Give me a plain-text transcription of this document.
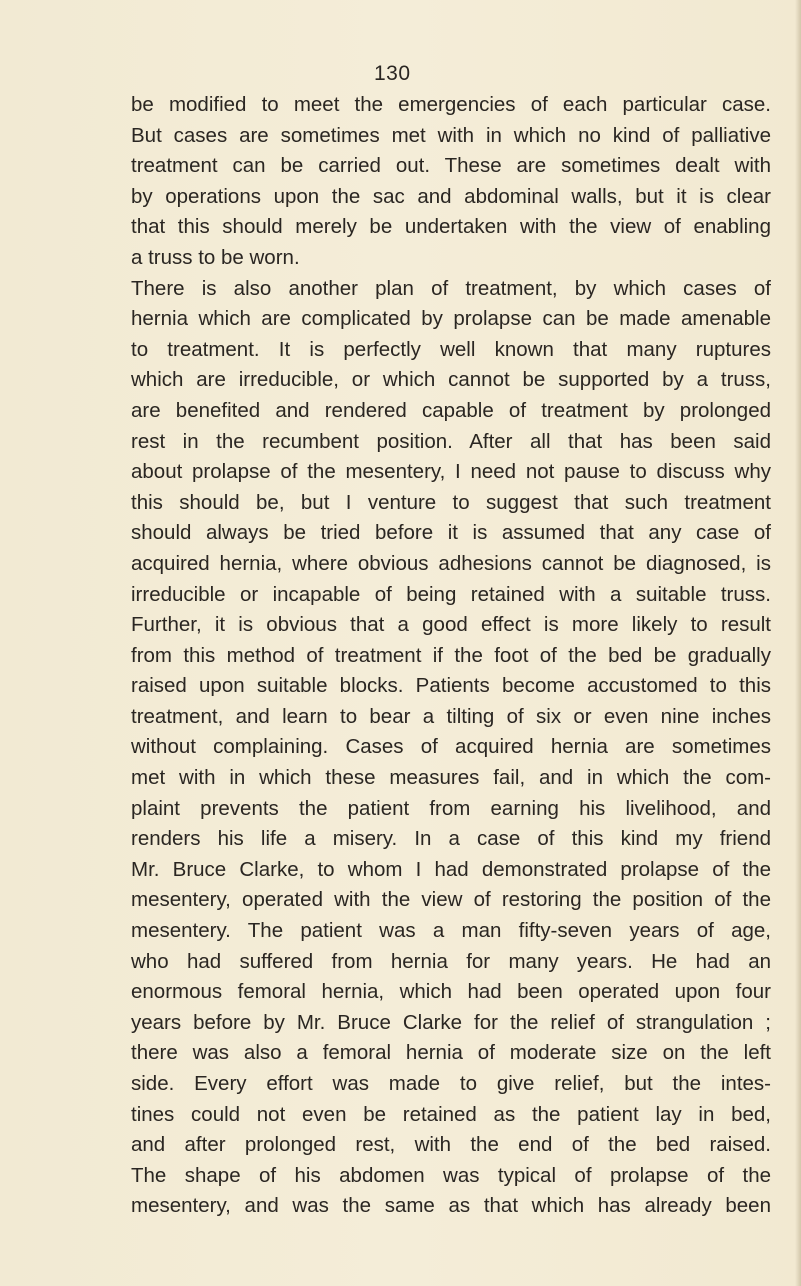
130
be modified to meet the emergencies of each particular case.
But cases are sometimes met with in which no kind of palliative
treatment can be carried out. These are sometimes dealt with
by operations upon the sac and abdominal walls, but it is clear
that this should merely be undertaken with the view of enabling
a truss to be worn.
There is also another plan of treatment, by which cases of
hernia which are complicated by prolapse can be made amenable
to treatment. It is perfectly well known that many ruptures
which are irreducible, or which cannot be supported by a truss,
are benefited and rendered capable of treatment by prolonged
rest in the recumbent position. After all that has been said
about prolapse of the mesentery, I need not pause to discuss why
this should be, but I venture to suggest that such treatment
should always be tried before it is assumed that any case of
acquired hernia, where obvious adhesions cannot be diagnosed, is
irreducible or incapable of being retained with a suitable truss.
Further, it is obvious that a good effect is more likely to result
from this method of treatment if the foot of the bed be gradually
raised upon suitable blocks. Patients become accustomed to this
treatment, and learn to bear a tilting of six or even nine inches
without complaining. Cases of acquired hernia are sometimes
met with in which these measures fail, and in which the com-
plaint prevents the patient from earning his livelihood, and
renders his life a misery. In a case of this kind my friend
Mr. Bruce Clarke, to whom I had demonstrated prolapse of the
mesentery, operated with the view of restoring the position of the
mesentery. The patient was a man fifty-seven years of age,
who had suffered from hernia for many years. He had an
enormous femoral hernia, which had been operated upon four
years before by Mr. Bruce Clarke for the relief of strangulation ;
there was also a femoral hernia of moderate size on the left
side. Every effort was made to give relief, but the intes-
tines could not even be retained as the patient lay in bed,
and after prolonged rest, with the end of the bed raised.
The shape of his abdomen was typical of prolapse of the
mesentery, and was the same as that which has already been
